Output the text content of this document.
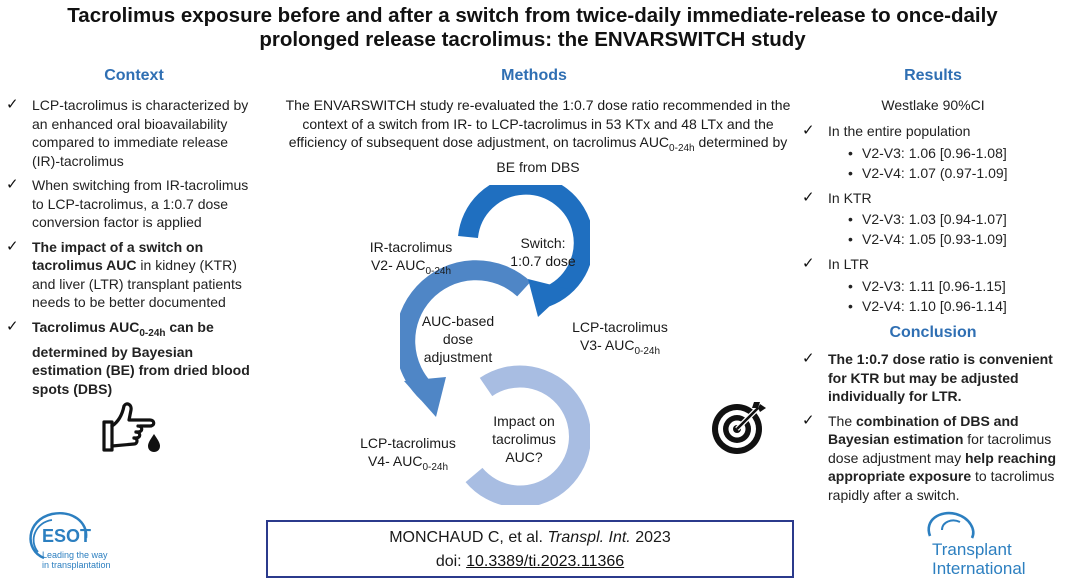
Tacrolimus exposure before and after a switch from twice-daily immediate-release to once-daily
prolonged release tacrolimus: the ENVARSWITCH study
Context
✓ LCP-tacrolimus is characterized by an enhanced oral bioavailability compared to immediate release (IR)-tacrolimus
✓ When switching from IR-tacrolimus to LCP-tacrolimus, a 1:0.7 dose conversion factor is applied
✓ The impact of a switch on tacrolimus AUC in kidney (KTR) and liver (LTR) transplant patients needs to be better documented
✓ Tacrolimus $AUC_{0-24h}$ can be determined by Bayesian estimation (BE) from dried blood spots (DBS)
Methods
The ENVARSWITCH study re-evaluated the 1:0.7 dose ratio recommended in the context of a switch from IR- to LCP-tacrolimus in 53 KTx and 48 LTx and the efficiency of subsequent dose adjustment, on tacrolimus $AUC_{0-24h}$ determined by BE from DBS
Switch:
1:0.7 dose
AUC-based
dose
adjustment
Impact on
tacrolimus
AUC?
IR-tacrolimus
V2- $AUC_{0-24h}$
LCP-tacrolimus
V3- $AUC_{0-24h}$
LCP-tacrolimus
V4- $AUC_{0-24h}$
Results
Westlake 90%CI
✓ In the entire population
• V2-V3: 1.06 [0.96-1.08]
• V2-V4: 1.07 (0.97-1.09]
✓ In KTR
• V2-V3: 1.03 [0.94-1.07]
• V2-V4: 1.05 [0.93-1.09]
✓ In LTR
• V2-V3: 1.11 [0.96-1.15]
• V2-V4: 1.10 [0.96-1.14]
Conclusion
✓ The 1:0.7 dose ratio is convenient for KTR but may be adjusted individually for LTR.
✓ The combination of DBS and Bayesian estimation for tacrolimus dose adjustment may help reaching appropriate exposure to tacrolimus rapidly after a switch.
MONCHAUD C, et al. Transpl. Int. 2023
doi: 10.3389/ti.2023.11366
ESOT
Leading the way
in transplantation
Transplant
International
